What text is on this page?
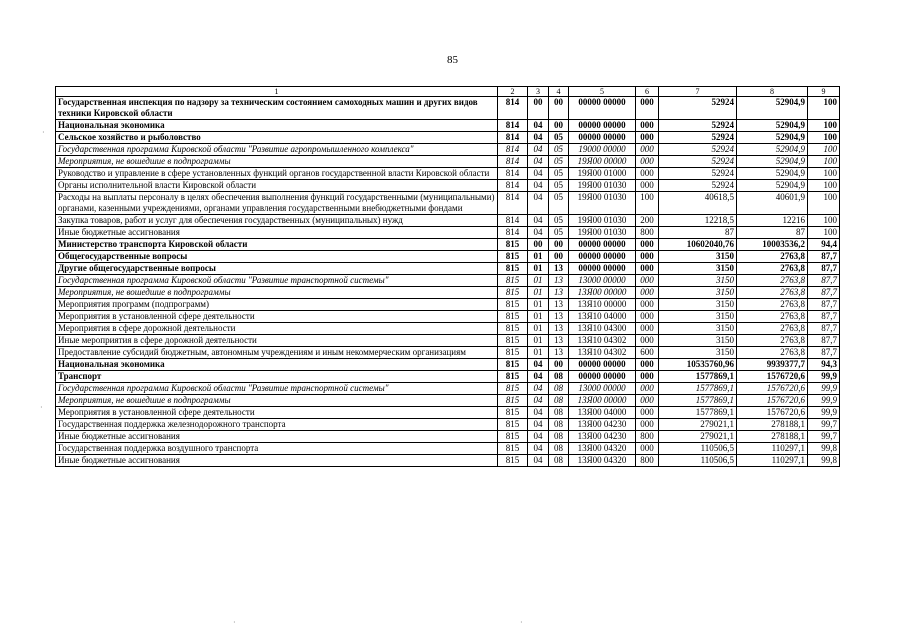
85
1	2	3	4	5	6	7	8	9
Государственная инспекция по надзору за техническим состоянием самоходных машин и других видов техники Кировской области	814	00	00	00000 00000	000	52924	52904,9	100
Национальная экономика	814	04	00	00000 00000	000	52924	52904,9	100
Сельское хозяйство и рыболовство	814	04	05	00000 00000	000	52924	52904,9	100
Государственная программа Кировской области "Развитие агропромышленного комплекса"	814	04	05	19000 00000	000	52924	52904,9	100
Мероприятия, не вошедшие в подпрограммы	814	04	05	19Я00 00000	000	52924	52904,9	100
Руководство и управление в сфере установленных функций органов государственной власти Кировской области	814	04	05	19Я00 01000	000	52924	52904,9	100
Органы исполнительной власти Кировской области	814	04	05	19Я00 01030	000	52924	52904,9	100
Расходы на выплаты персоналу в целях обеспечения выполнения функций государственными (муниципальными) органами, казенными учреждениями, органами управления государственными внебюджетными фондами	814	04	05	19Я00 01030	100	40618,5	40601,9	100
Закупка товаров, работ и услуг для обеспечения государственных (муниципальных) нужд	814	04	05	19Я00 01030	200	12218,5	12216	100
Иные бюджетные ассигнования	814	04	05	19Я00 01030	800	87	87	100
Министерство транспорта Кировской области	815	00	00	00000 00000	000	10602040,76	10003536,2	94,4
Общегосударственные вопросы	815	01	00	00000 00000	000	3150	2763,8	87,7
Другие общегосударственные вопросы	815	01	13	00000 00000	000	3150	2763,8	87,7
Государственная программа Кировской области "Развитие транспортной системы"	815	01	13	13000 00000	000	3150	2763,8	87,7
Мероприятия, не вошедшие в подпрограммы	815	01	13	13Я00 00000	000	3150	2763,8	87,7
Мероприятия программ (подпрограмм)	815	01	13	13Я10 00000	000	3150	2763,8	87,7
Мероприятия в установленной сфере деятельности	815	01	13	13Я10 04000	000	3150	2763,8	87,7
Мероприятия в сфере дорожной деятельности	815	01	13	13Я10 04300	000	3150	2763,8	87,7
Иные мероприятия в сфере дорожной деятельности	815	01	13	13Я10 04302	000	3150	2763,8	87,7
Предоставление субсидий бюджетным, автономным учреждениям и иным некоммерческим организациям	815	01	13	13Я10 04302	600	3150	2763,8	87,7
Национальная экономика	815	04	00	00000 00000	000	10535760,96	9939377,7	94,3
Транспорт	815	04	08	00000 00000	000	1577869,1	1576720,6	99,9
Государственная программа Кировской области "Развитие транспортной системы"	815	04	08	13000 00000	000	1577869,1	1576720,6	99,9
Мероприятия, не вошедшие в подпрограммы	815	04	08	13Я00 00000	000	1577869,1	1576720,6	99,9
Мероприятия в установленной сфере деятельности	815	04	08	13Я00 04000	000	1577869,1	1576720,6	99,9
Государственная поддержка железнодорожного транспорта	815	04	08	13Я00 04230	000	279021,1	278188,1	99,7
Иные бюджетные ассигнования	815	04	08	13Я00 04230	800	279021,1	278188,1	99,7
Государственная поддержка воздушного транспорта	815	04	08	13Я00 04320	000	110506,5	110297,1	99,8
Иные бюджетные ассигнования	815	04	08	13Я00 04320	800	110506,5	110297,1	99,8
·
·
·	·
